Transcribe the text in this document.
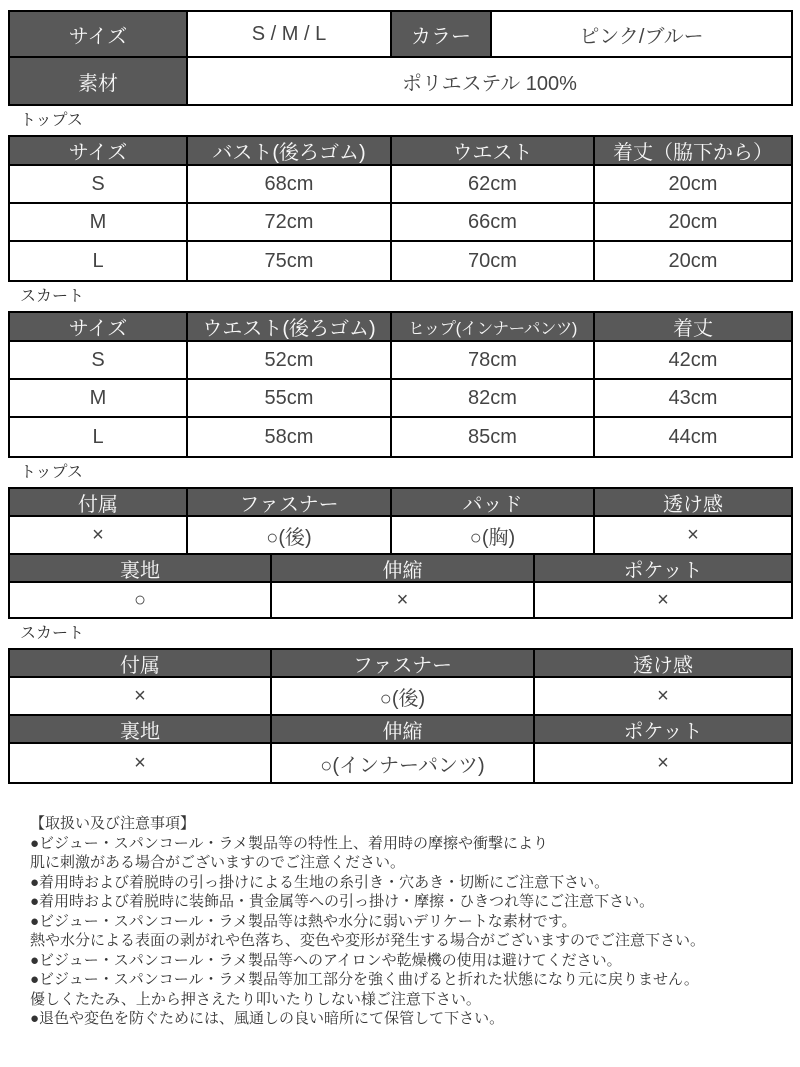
サイズ	S / M / L	カラー	ピンク/ブルー
素材	ポリエステル 100%
トップス
サイズ	バスト(後ろゴム)	ウエスト	着丈（脇下から）
S	68cm	62cm	20cm
M	72cm	66cm	20cm
L	75cm	70cm	20cm
スカート
サイズ	ウエスト(後ろゴム)	ヒップ(インナーパンツ)	着丈
S	52cm	78cm	42cm
M	55cm	82cm	43cm
L	58cm	85cm	44cm
トップス
付属	ファスナー	パッド	透け感
×	○(後)	○(胸)	×
裏地	伸縮	ポケット
○	×	×
スカート
付属	ファスナー	透け感
×	○(後)	×
裏地	伸縮	ポケット
×	○(インナーパンツ)	×
【取扱い及び注意事項】
●ビジュー・スパンコール・ラメ製品等の特性上、着用時の摩擦や衝撃により
肌に刺激がある場合がございますのでご注意ください。
●着用時および着脱時の引っ掛けによる生地の糸引き・穴あき・切断にご注意下さい。
●着用時および着脱時に装飾品・貴金属等への引っ掛け・摩擦・ひきつれ等にご注意下さい。
●ビジュー・スパンコール・ラメ製品等は熱や水分に弱いデリケートな素材です。
熱や水分による表面の剥がれや色落ち、変色や変形が発生する場合がございますのでご注意下さい。
●ビジュー・スパンコール・ラメ製品等へのアイロンや乾燥機の使用は避けてください。
●ビジュー・スパンコール・ラメ製品等加工部分を強く曲げると折れた状態になり元に戻りません。
優しくたたみ、上から押さえたり叩いたりしない様ご注意下さい。
●退色や変色を防ぐためには、風通しの良い暗所にて保管して下さい。
